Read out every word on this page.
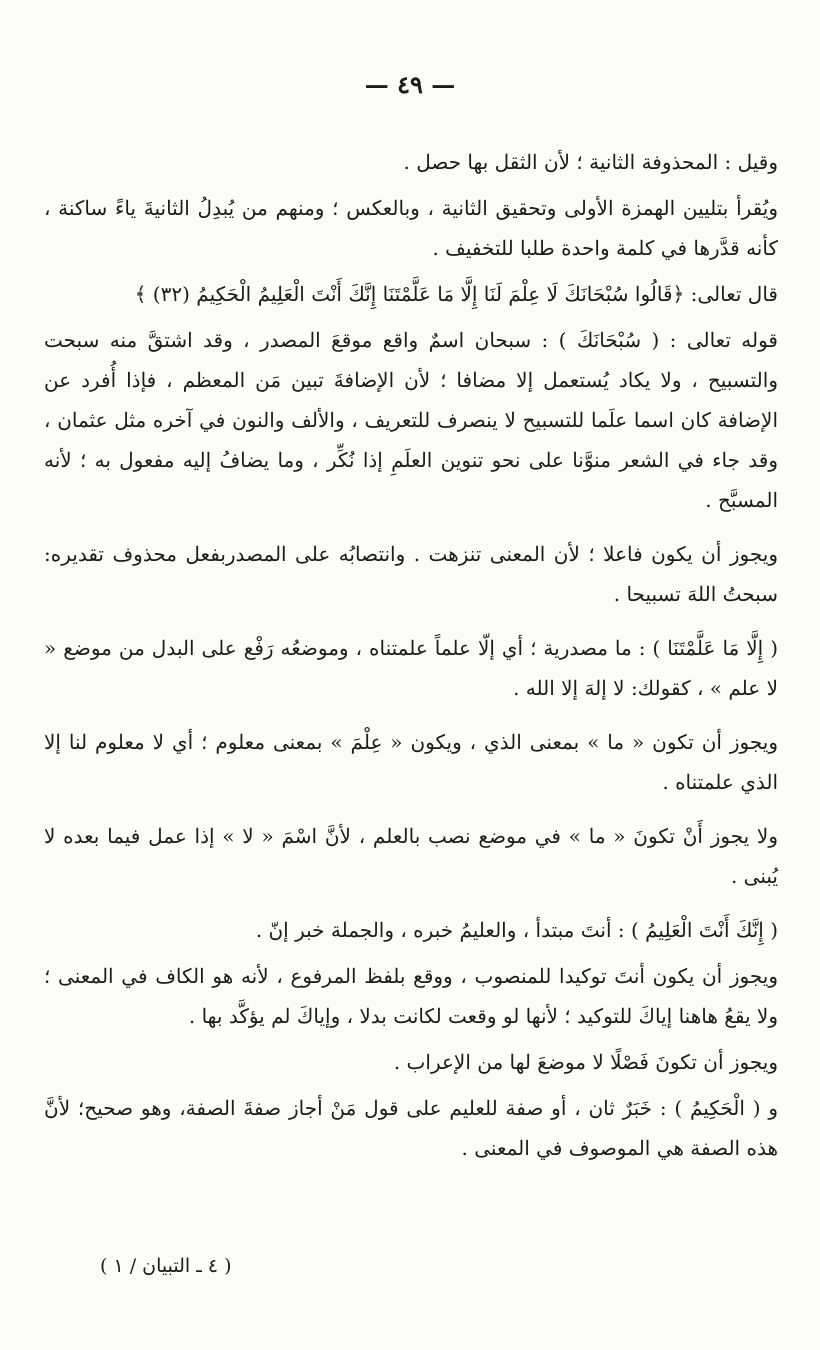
— ٤٩ —

وقيل : المحذوفة الثانية ؛ لأن الثقل بها حصل .

ويُقرأ بتليين الهمزة الأولى وتحقيق الثانية ، وبالعكس ؛ ومنهم من يُبدِلُ الثانيةَ ياءً ساكنة ، كأنه قدَّرها في كلمة واحدة طلبا للتخفيف .

قال تعالى: ﴿قَالُوا سُبْحَانَكَ لَا عِلْمَ لَنَا إِلَّا مَا عَلَّمْتَنَا إِنَّكَ أَنْتَ الْعَلِيمُ الْحَكِيمُ (٣٢) ﴾

قوله تعالى : ( سُبْحَانَكَ ) : سبحان اسمٌ واقع موقعَ المصدر ، وقد اشتقَّ منه سبحت والتسبيح ، ولا يكاد يُستعمل إلا مضافا ؛ لأن الإضافةَ تبين مَن المعظم ، فإذا أُفرد عن الإضافة كان اسما علَما للتسبيح لا ينصرف للتعريف ، والألف والنون في آخره مثل عثمان ، وقد جاء في الشعر منوَّنا على نحو تنوين العلَمِ إذا نُكِّر ، وما يضافُ إليه مفعول به ؛ لأنه المسبَّح .

ويجوز أن يكون فاعلا ؛ لأن المعنى تنزهت . وانتصابُه على المصدربفعل محذوف تقديره: سبحتُ اللهَ تسبيحا .

( إِلَّا مَا عَلَّمْتَنَا ) : ما مصدرية ؛ أي إلّا علماً علمتناه ، وموضعُه رَفْع على البدل من موضع « لا علم » ، كقولك: لا إلهَ إلا الله .

ويجوز أن تكون « ما » بمعنى الذي ، ويكون « عِلْمَ » بمعنى معلوم ؛ أي لا معلوم لنا إلا الذي علمتناه .

ولا يجوز أَنْ تكونَ « ما » في موضع نصب بالعلم ، لأنَّ اسْمَ « لا » إذا عمل فيما بعده لا يُبنى .

( إِنَّكَ أَنْتَ الْعَلِيمُ ) : أنتَ مبتدأ ، والعليمُ خبره ، والجملة خبر إنّ .

ويجوز أن يكون أنتَ توكيدا للمنصوب ، ووقع بلفظ المرفوع ، لأنه هو الكاف في المعنى ؛ ولا يقعُ هاهنا إياكَ للتوكيد ؛ لأنها لو وقعت لكانت بدلا ، وإياكَ لم يؤكَّد بها .

ويجوز أن تكونَ فَصْلًا لا موضعَ لها من الإعراب .

و ( الْحَكِيمُ ) : خَبَرٌ ثان ، أو صفة للعليم على قول مَنْ أجاز صفةَ الصفة، وهو صحيح؛ لأنَّ هذه الصفة هي الموصوف في المعنى .

( ٤ ـ التبيان / ١ )
